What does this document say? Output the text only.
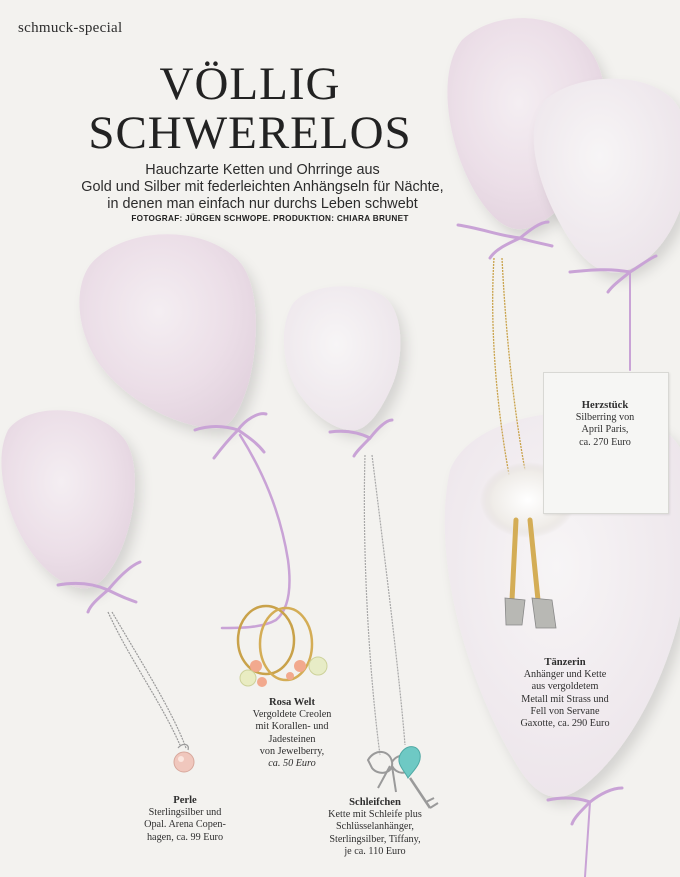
schmuck-special
VÖLLIG
SCHWERELOS
Hauchzarte Ketten und Ohrringe aus
Gold und Silber mit federleichten Anhängseln für Nächte,
in denen man einfach nur durchs Leben schwebt
FOTOGRAF: JÜRGEN SCHWOPE. PRODUKTION: CHIARA BRUNET
Herzstück
Silberring von
April Paris,
ca. 270 Euro
Perle
Sterlingsilber und
Opal. Arena Copen-
hagen, ca. 99 Euro
Rosa Welt
Vergoldete Creolen
mit Korallen- und
Jadesteinen
von Jewelberry,
ca. 50 Euro
Schleifchen
Kette mit Schleife plus
Schlüsselanhänger,
Sterlingsilber, Tiffany,
je ca. 110 Euro
Tänzerin
Anhänger und Kette
aus vergoldetem
Metall mit Strass und
Fell von Servane
Gaxotte, ca. 290 Euro
